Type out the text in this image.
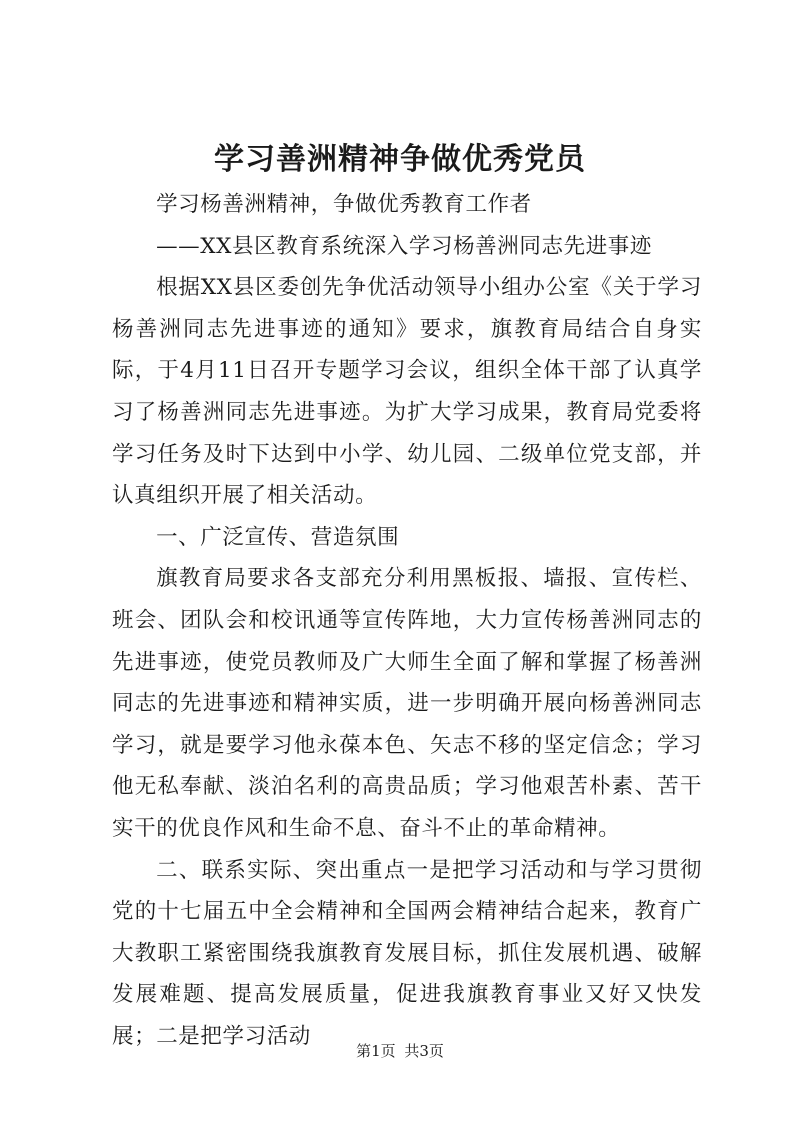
学习善洲精神争做优秀党员

学习杨善洲精神，争做优秀教育工作者

——XX县区教育系统深入学习杨善洲同志先进事迹

根据XX县区委创先争优活动领导小组办公室《关于学习杨善洲同志先进事迹的通知》要求，旗教育局结合自身实际，于4月11日召开专题学习会议，组织全体干部了认真学习了杨善洲同志先进事迹。为扩大学习成果，教育局党委将学习任务及时下达到中小学、幼儿园、二级单位党支部，并认真组织开展了相关活动。

一、广泛宣传、营造氛围

旗教育局要求各支部充分利用黑板报、墙报、宣传栏、班会、团队会和校讯通等宣传阵地，大力宣传杨善洲同志的先进事迹，使党员教师及广大师生全面了解和掌握了杨善洲同志的先进事迹和精神实质，进一步明确开展向杨善洲同志学习，就是要学习他永葆本色、矢志不移的坚定信念；学习他无私奉献、淡泊名利的高贵品质；学习他艰苦朴素、苦干实干的优良作风和生命不息、奋斗不止的革命精神。

二、联系实际、突出重点一是把学习活动和与学习贯彻党的十七届五中全会精神和全国两会精神结合起来，教育广大教职工紧密围绕我旗教育发展目标，抓住发展机遇、破解发展难题、提高发展质量，促进我旗教育事业又好又快发展；二是把学习活动

第1页 共3页
